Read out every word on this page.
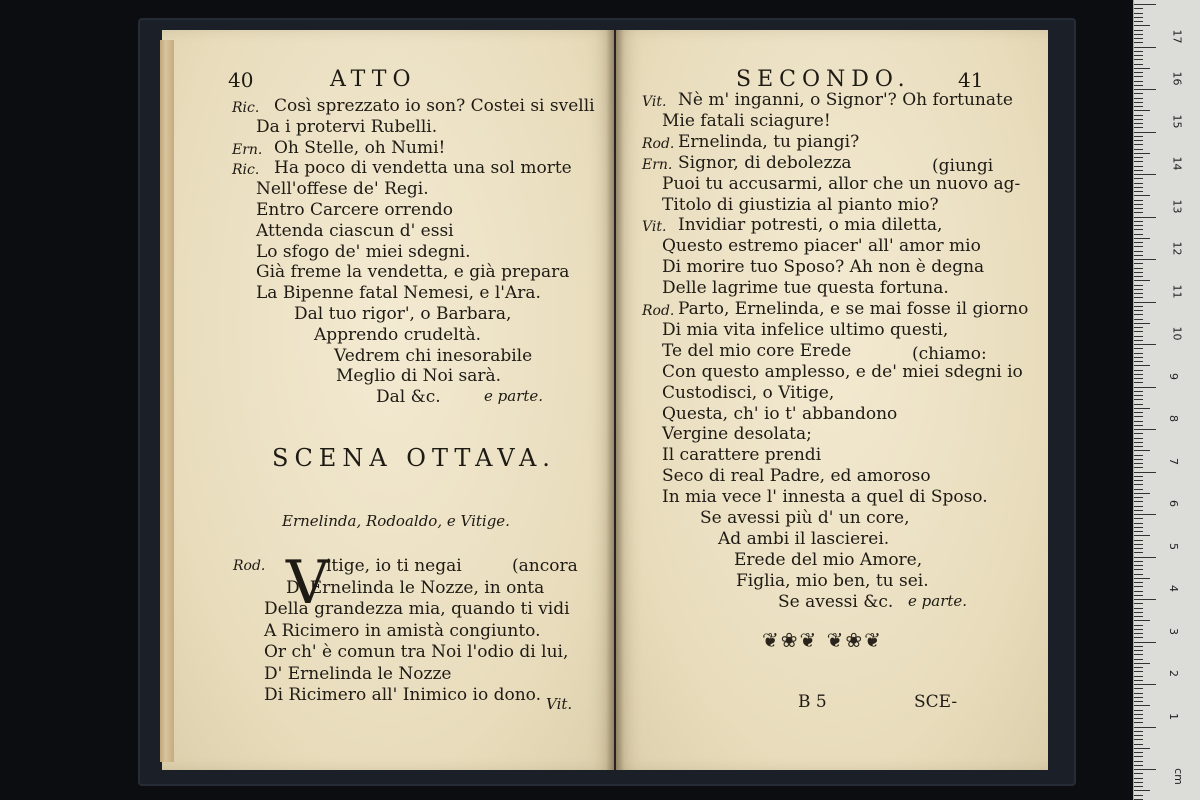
40	ATTO
Ric. Così sprezzato io son? Costei si svelli
Da i protervi Rubelli.
Ern. Oh Stelle, oh Numi!
Ric. Ha poco di vendetta una sol morte
Nell'offese de' Regi.
Entro Carcere orrendo
Attenda ciascun d' essi
Lo sfogo de' miei sdegni.
Già freme la vendetta, e già prepara
La Bipenne fatal Nemesi, e l'Ara.
Dal tuo rigor', o Barbara,
Apprendo crudeltà.
Vedrem chi inesorabile
Meglio di Noi sarà.
Dal &c.	e parte.
SCENA OTTAVA.
Ernelinda, Rodoaldo, e Vitige.
Rod. V
itige, io ti negai
D' Ernelinda le Nozze, in onta
Della grandezza mia, quando ti vidi
A Ricimero in amistà congiunto.
Or ch' è comun tra Noi l'odio di lui,
D' Ernelinda le Nozze
Di Ricimero all' Inimico io dono.
(ancora
Vit.
SECONDO. 41
Vit. Nè m' inganni, o Signor'? Oh fortunate
Mie fatali sciagure!
Rod. Ernelinda, tu piangi?
Ern. Signor, di debolezza
Puoi tu accusarmi, allor che un nuovo ag-
Titolo di giustizia al pianto mio?
Vit. Invidiar potresti, o mia diletta,
Questo estremo piacer' all' amor mio
Di morire tuo Sposo? Ah non è degna
Delle lagrime tue questa fortuna.
Rod. Parto, Ernelinda, e se mai fosse il giorno
Di mia vita infelice ultimo questi,
Te del mio core Erede
Con questo amplesso, e de' miei sdegni io
Custodisci, o Vitige,
Questa, ch' io t' abbandono
Vergine desolata;
Il carattere prendi
Seco di real Padre, ed amoroso
In mia vece l' innesta a quel di Sposo.
Se avessi più d' un core,
Ad ambi il lascierei.
Erede del mio Amore,
Figlia, mio ben, tu sei.
Se avessi &c.
(giungi
(chiamo:
e parte.
❦❀❦ ❦❀❦
B 5	SCE-
1
2
3
4
5
6
7
8
9
10
11
12
13
14
15
16
17
cm
